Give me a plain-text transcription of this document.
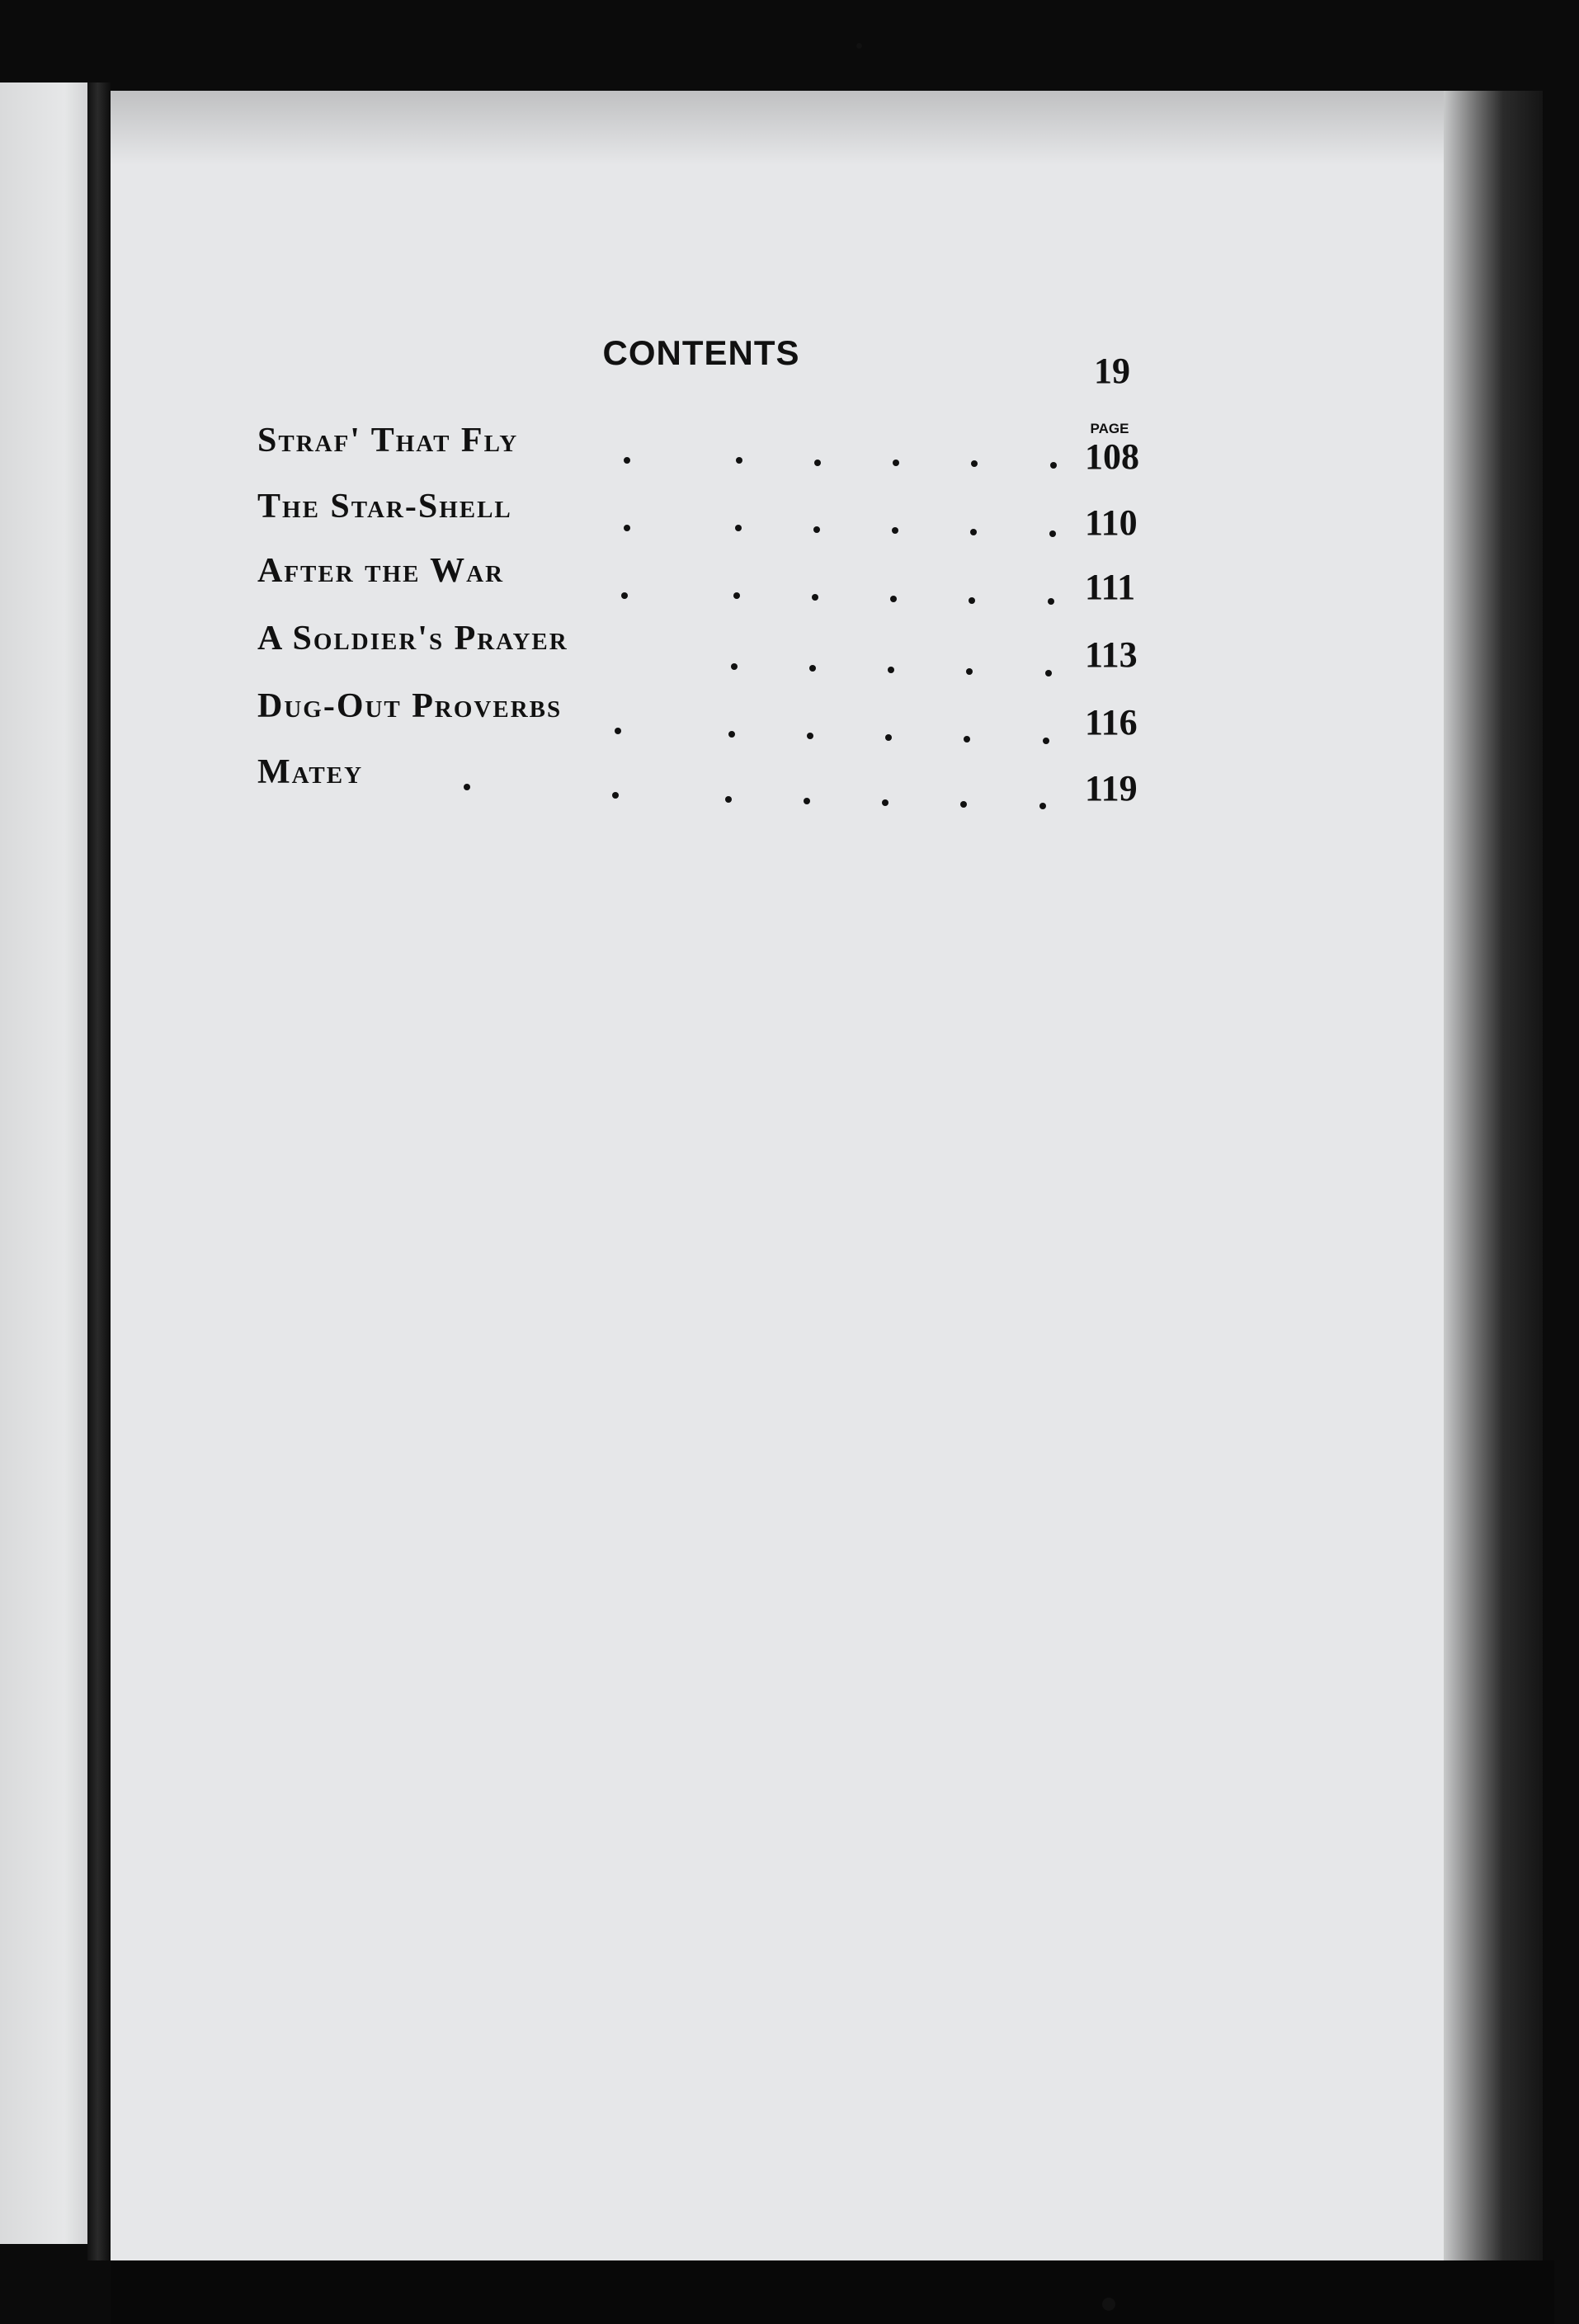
CONTENTS	19
PAGE
Straf' That Fly	108
The Star-Shell	110
After the War	111
A Soldier's Prayer	113
Dug-Out Proverbs	116
Matey	119
